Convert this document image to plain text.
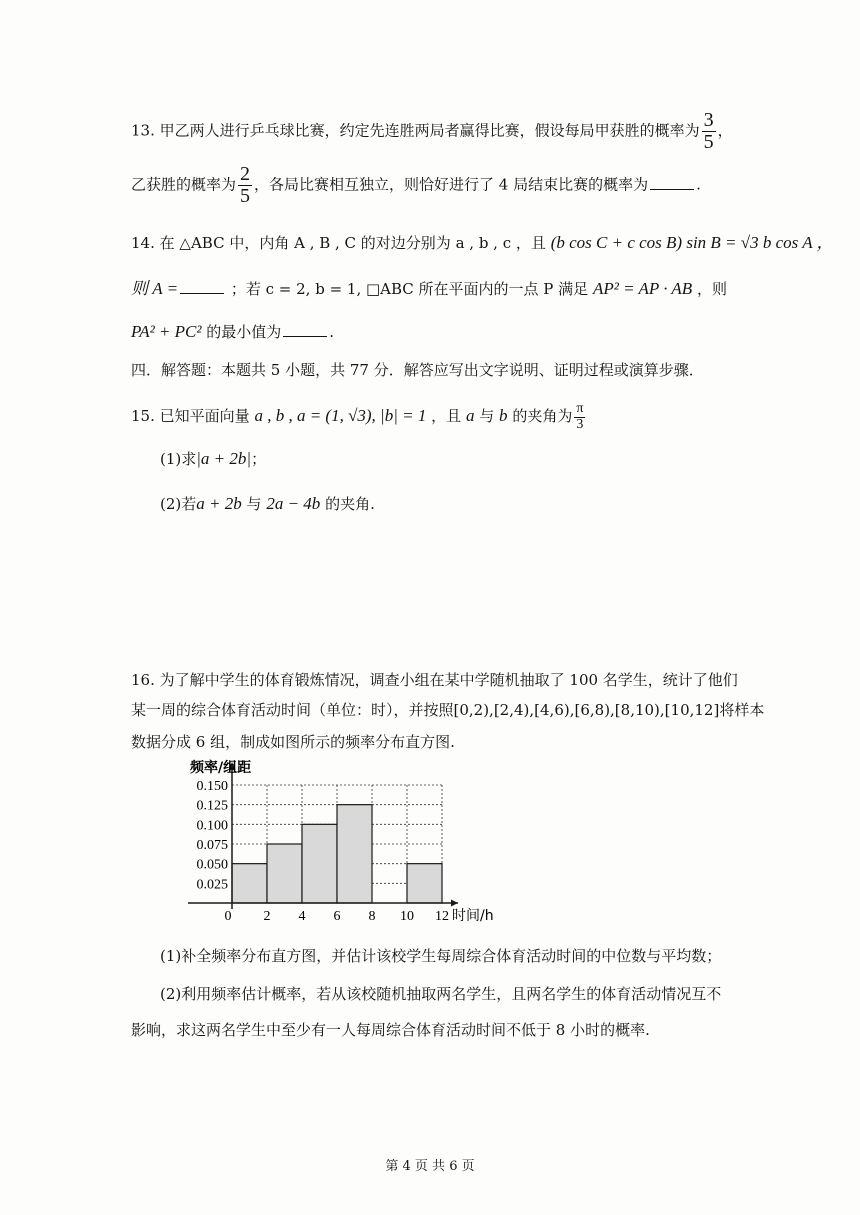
13. 甲乙两人进行乒乓球比赛，约定先连胜两局者赢得比赛，假设每局甲获胜的概率为 $\frac{3}{5}$ ，
乙获胜的概率为 $\frac{2}{5}$ ，各局比赛相互独立，则恰好进行了 4 局结束比赛的概率为	.
14. 在 △ABC 中，内角 A , B , C 的对边分别为 a , b , c ，且 (b cos C + c cos B) sin B = √3 b cos A ，
则 A =	；若 c = 2, b = 1, □ABC 所在平面内的一点 P 满足 AP² = AP · AB ，则
PA² + PC² 的最小值为	.
四．解答题：本题共 5 小题，共 77 分．解答应写出文字说明、证明过程或演算步骤．
15. 已知平面向量 a , b , a = (1, √3), |b| = 1 ，且 a 与 b 的夹角为 $\frac{\pi}{3}$
(1)求|a + 2b|；
(2)若a + 2b 与 2a − 4b 的夹角.
16. 为了解中学生的体育锻炼情况，调查小组在某中学随机抽取了 100 名学生，统计了他们
某一周的综合体育活动时间（单位：时），并按照[0,2),[2,4),[4,6),[6,8),[8,10),[10,12]将样本
数据分成 6 组，制成如图所示的频率分布直方图.
0 2 4 6 8 10 12
0.025
0.050
0.075
0.100
0.125
0.150
频率/组距
时间/h
(1)补全频率分布直方图，并估计该校学生每周综合体育活动时间的中位数与平均数；
(2)利用频率估计概率，若从该校随机抽取两名学生，且两名学生的体育活动情况互不
影响，求这两名学生中至少有一人每周综合体育活动时间不低于 8 小时的概率.
第 4 页 共 6 页
